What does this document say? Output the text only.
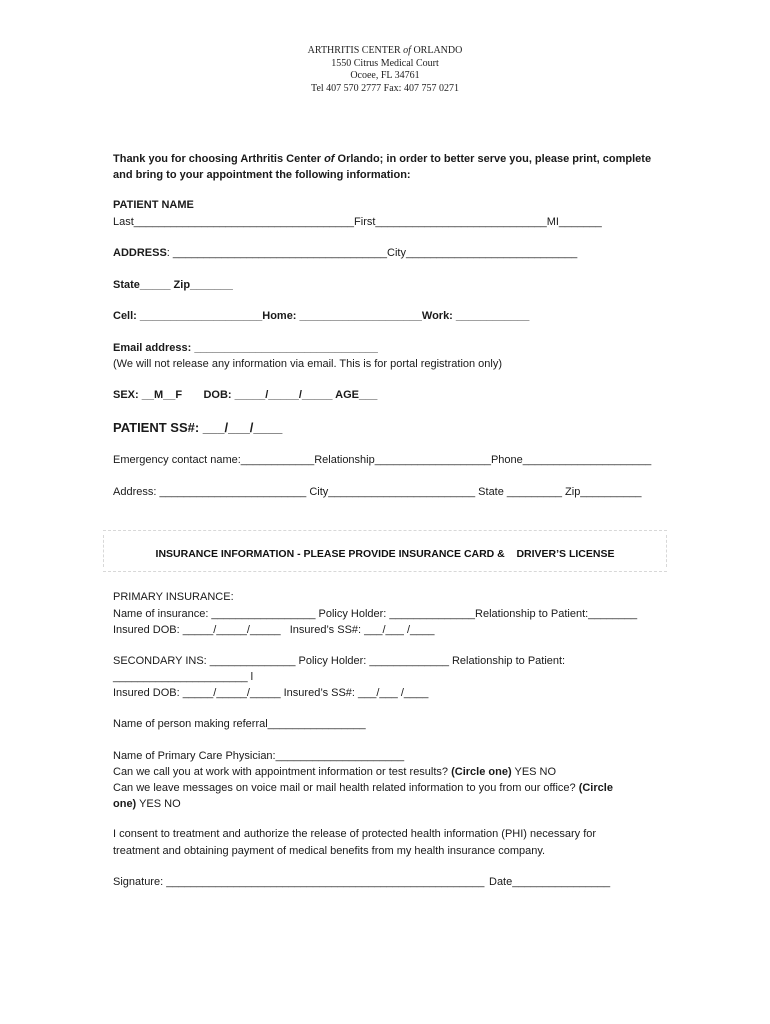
ARTHRITIS CENTER of ORLANDO
1550 Citrus Medical Court
Ocoee, FL 34761
Tel 407 570 2777 Fax: 407 757 0271
Thank you for choosing Arthritis Center of Orlando; in order to better serve you, please print, complete
and bring to your appointment the following information:
PATIENT NAME
Last____________________________________First____________________________MI_______
ADDRESS: ___________________________________City____________________________
State_____ Zip_______
Cell: ____________________Home: ____________________Work: ____________
Email address: ______________________________
(We will not release any information via email. This is for portal registration only)
SEX: __M__F       DOB: _____/_____/_____ AGE___
PATIENT SS#: ___/___/____
Emergency contact name:____________Relationship___________________Phone_____________________
Address: ________________________ City________________________ State _________ Zip__________
INSURANCE INFORMATION - PLEASE PROVIDE INSURANCE CARD &    DRIVER’S LICENSE
PRIMARY INSURANCE:
Name of insurance: _________________ Policy Holder: ______________Relationship to Patient:________
Insured DOB: _____/_____/_____   Insured’s SS#: ___/___ /____
SECONDARY INS: ______________ Policy Holder: _____________ Relationship to Patient:
______________________ l
Insured DOB: _____/_____/_____ Insured’s SS#: ___/___ /____
Name of person making referral________________
Name of Primary Care Physician:_____________________
Can we call you at work with appointment information or test results? (Circle one) YES NO
Can we leave messages on voice mail or mail health related information to you from our office? (Circle
one) YES NO
I consent to treatment and authorize the release of protected health information (PHI) necessary for
treatment and obtaining payment of medical benefits from my health insurance company.
Signature: ____________________________________________________ Date________________
